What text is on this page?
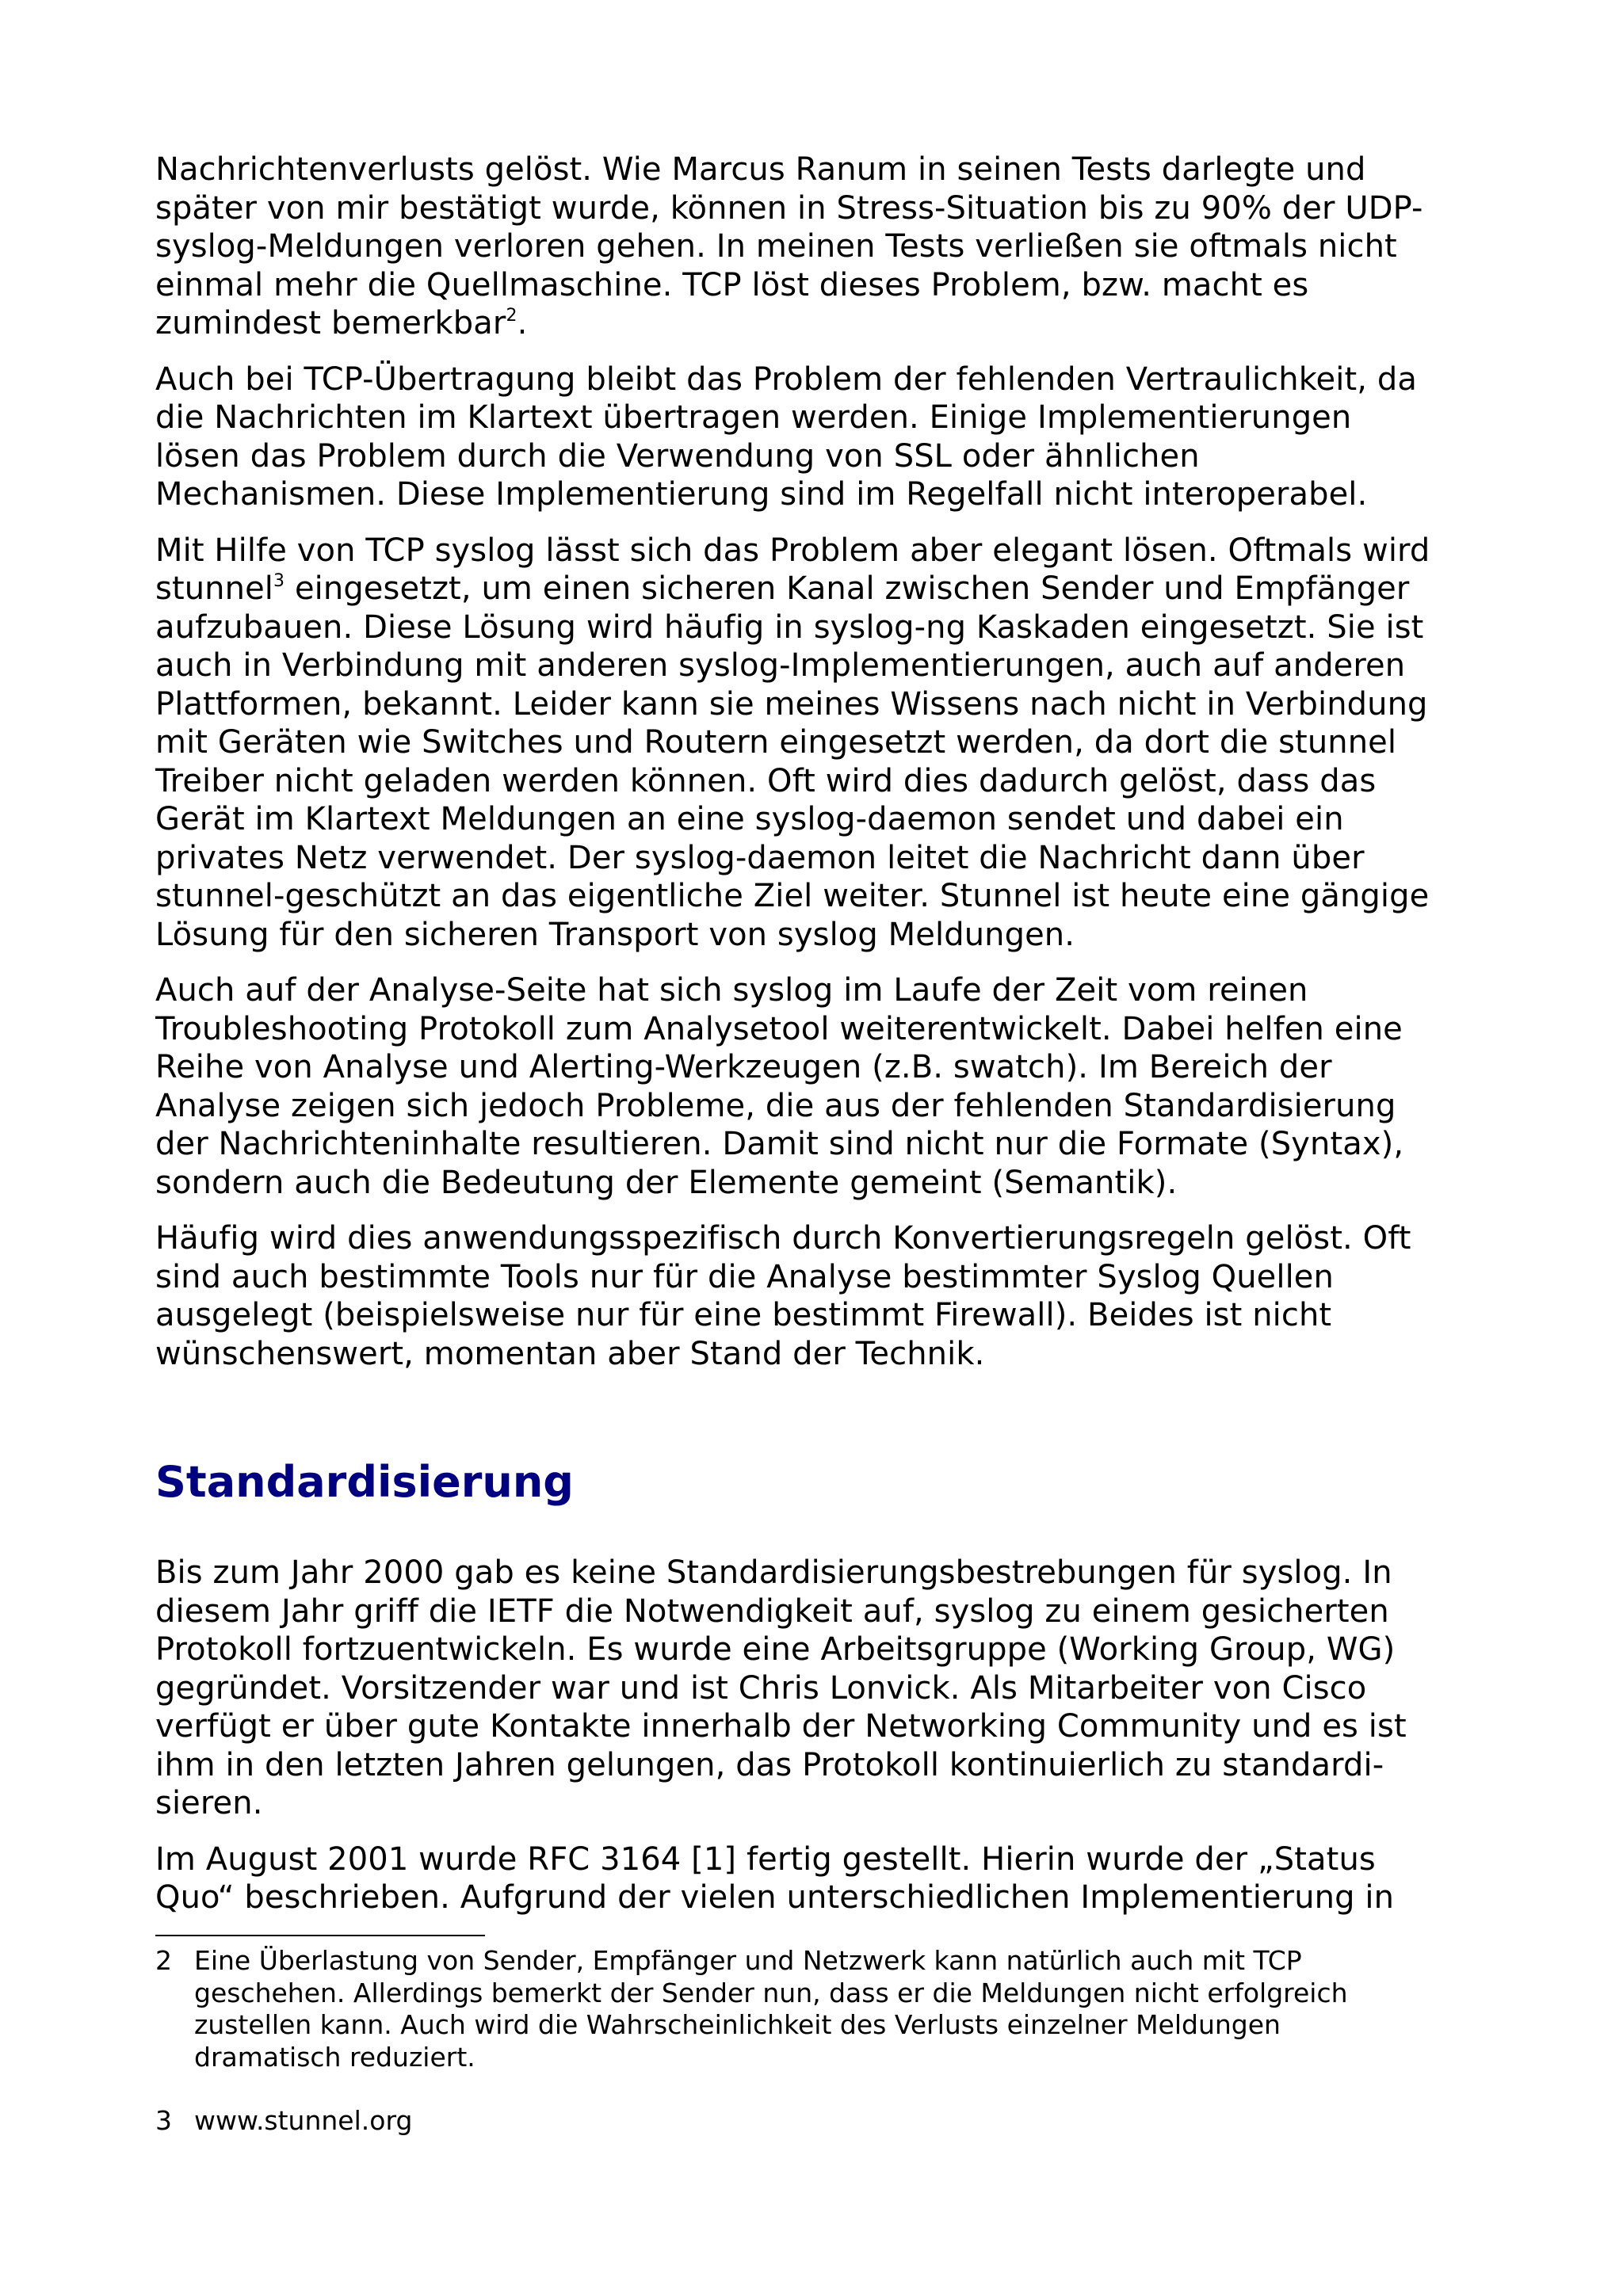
Nachrichtenverlusts gelöst. Wie Marcus Ranum in seinen Tests darlegte und
später von mir bestätigt wurde, können in Stress-Situation bis zu 90% der UDP-
syslog-Meldungen verloren gehen. In meinen Tests verließen sie oftmals nicht
einmal mehr die Quellmaschine. TCP löst dieses Problem, bzw. macht es
zumindest bemerkbar$^2$.

Auch bei TCP-Übertragung bleibt das Problem der fehlenden Vertraulichkeit, da
die Nachrichten im Klartext übertragen werden. Einige Implementierungen
lösen das Problem durch die Verwendung von SSL oder ähnlichen
Mechanismen. Diese Implementierung sind im Regelfall nicht interoperabel.

Mit Hilfe von TCP syslog lässt sich das Problem aber elegant lösen. Oftmals wird
stunnel$^3$ eingesetzt, um einen sicheren Kanal zwischen Sender und Empfänger
aufzubauen. Diese Lösung wird häufig in syslog-ng Kaskaden eingesetzt. Sie ist
auch in Verbindung mit anderen syslog-Implementierungen, auch auf anderen
Plattformen, bekannt. Leider kann sie meines Wissens nach nicht in Verbindung
mit Geräten wie Switches und Routern eingesetzt werden, da dort die stunnel
Treiber nicht geladen werden können. Oft wird dies dadurch gelöst, dass das
Gerät im Klartext Meldungen an eine syslog-daemon sendet und dabei ein
privates Netz verwendet. Der syslog-daemon leitet die Nachricht dann über
stunnel-geschützt an das eigentliche Ziel weiter. Stunnel ist heute eine gängige
Lösung für den sicheren Transport von syslog Meldungen.

Auch auf der Analyse-Seite hat sich syslog im Laufe der Zeit vom reinen
Troubleshooting Protokoll zum Analysetool weiterentwickelt. Dabei helfen eine
Reihe von Analyse und Alerting-Werkzeugen (z.B. swatch). Im Bereich der
Analyse zeigen sich jedoch Probleme, die aus der fehlenden Standardisierung
der Nachrichteninhalte resultieren. Damit sind nicht nur die Formate (Syntax),
sondern auch die Bedeutung der Elemente gemeint (Semantik).

Häufig wird dies anwendungsspezifisch durch Konvertierungsregeln gelöst. Oft
sind auch bestimmte Tools nur für die Analyse bestimmter Syslog Quellen
ausgelegt (beispielsweise nur für eine bestimmt Firewall). Beides ist nicht
wünschenswert, momentan aber Stand der Technik.

Standardisierung

Bis zum Jahr 2000 gab es keine Standardisierungsbestrebungen für syslog. In
diesem Jahr griff die IETF die Notwendigkeit auf, syslog zu einem gesicherten
Protokoll fortzuentwickeln. Es wurde eine Arbeitsgruppe (Working Group, WG)
gegründet. Vorsitzender war und ist Chris Lonvick. Als Mitarbeiter von Cisco
verfügt er über gute Kontakte innerhalb der Networking Community und es ist
ihm in den letzten Jahren gelungen, das Protokoll kontinuierlich zu standardi-
sieren.

Im August 2001 wurde RFC 3164 [1] fertig gestellt. Hierin wurde der „Status
Quo“ beschrieben. Aufgrund der vielen unterschiedlichen Implementierung in

2 Eine Überlastung von Sender, Empfänger und Netzwerk kann natürlich auch mit TCP
geschehen. Allerdings bemerkt der Sender nun, dass er die Meldungen nicht erfolgreich
zustellen kann. Auch wird die Wahrscheinlichkeit des Verlusts einzelner Meldungen
dramatisch reduziert.
3 www.stunnel.org
